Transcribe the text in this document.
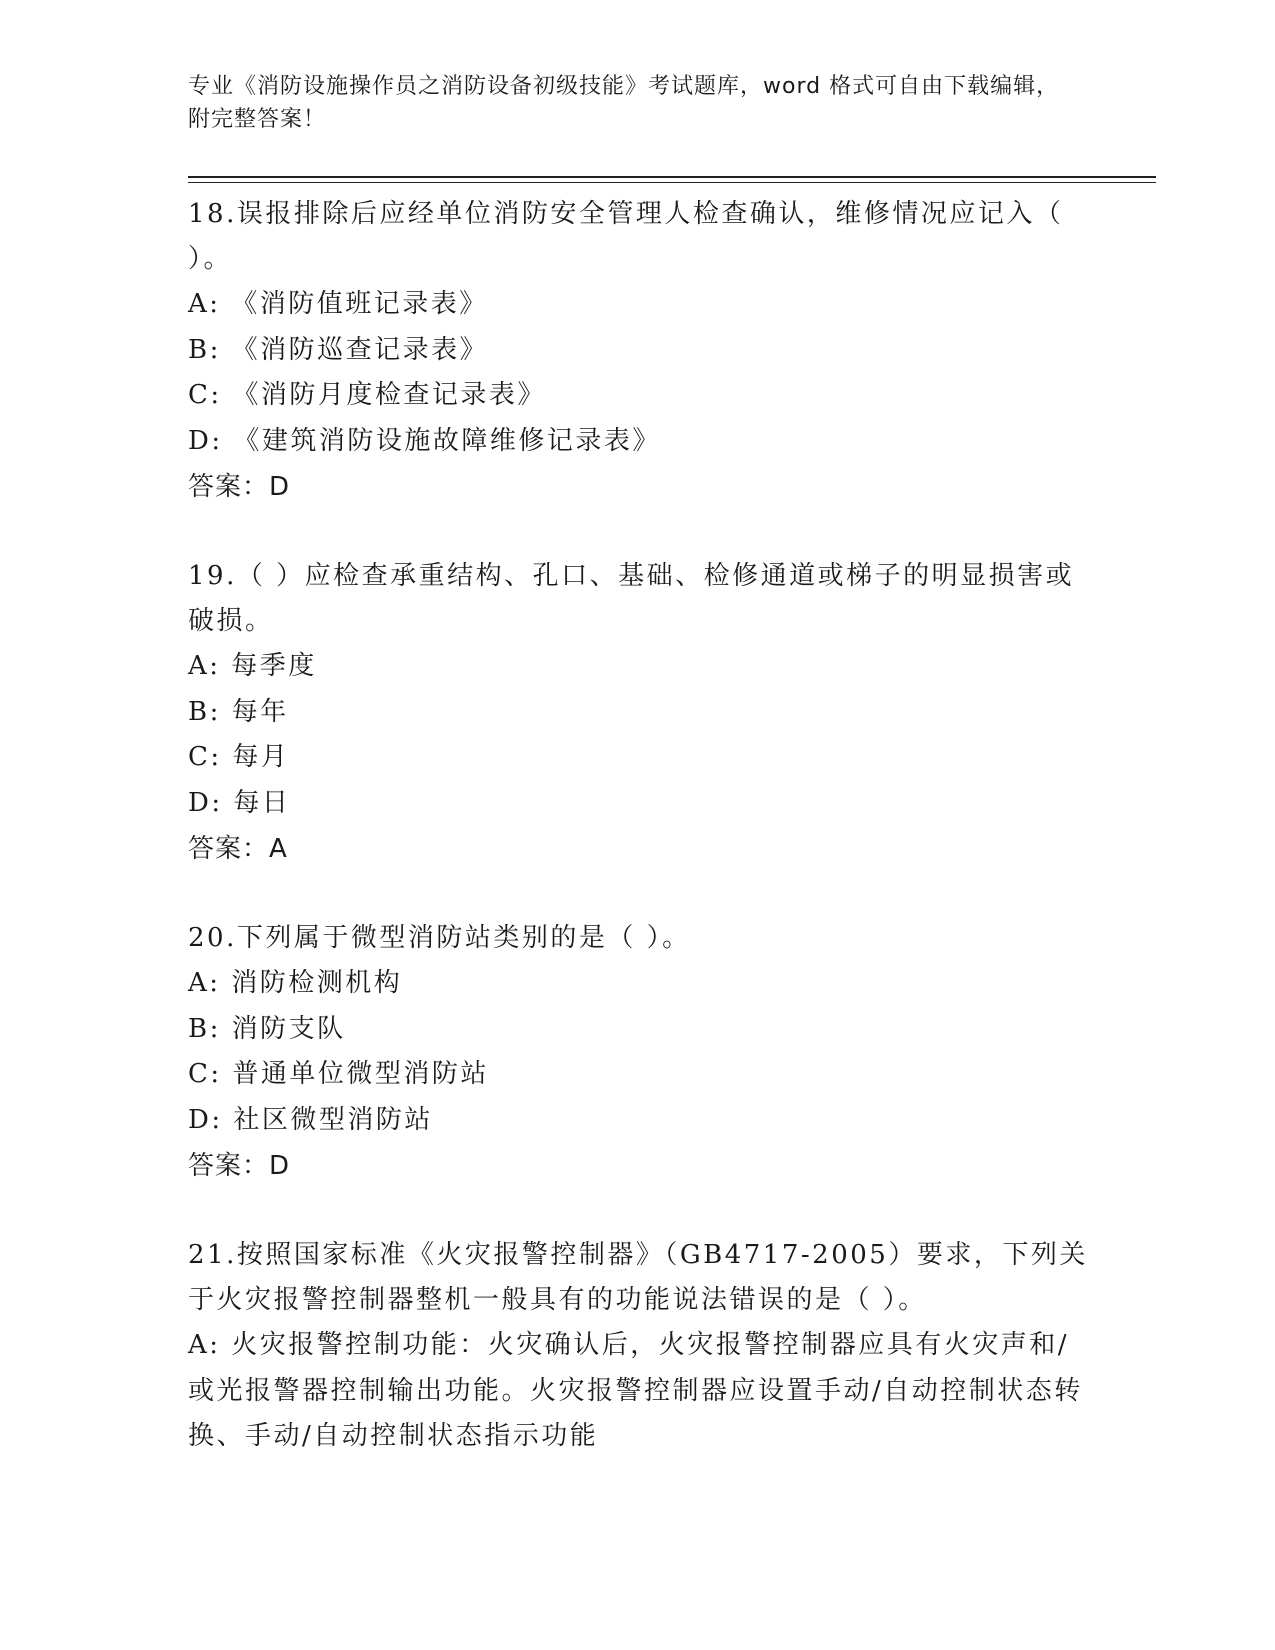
专业《消防设施操作员之消防设备初级技能》考试题库，word 格式可自由下载编辑，附完整答案！
18.误报排除后应经单位消防安全管理人检查确认，维修情况应记入（ ）。
A: 《消防值班记录表》
B: 《消防巡查记录表》
C: 《消防月度检查记录表》
D: 《建筑消防设施故障维修记录表》
答案：D
19.（ ）应检查承重结构、孔口、基础、检修通道或梯子的明显损害或破损。
A: 每季度
B: 每年
C: 每月
D: 每日
答案：A
20.下列属于微型消防站类别的是（ ）。
A: 消防检测机构
B: 消防支队
C: 普通单位微型消防站
D: 社区微型消防站
答案：D
21.按照国家标准《火灾报警控制器》（GB4717-2005）要求，下列关于火灾报警控制器整机一般具有的功能说法错误的是（ ）。
A: 火灾报警控制功能：火灾确认后，火灾报警控制器应具有火灾声和/或光报警器控制输出功能。火灾报警控制器应设置手动/自动控制状态转换、手动/自动控制状态指示功能
